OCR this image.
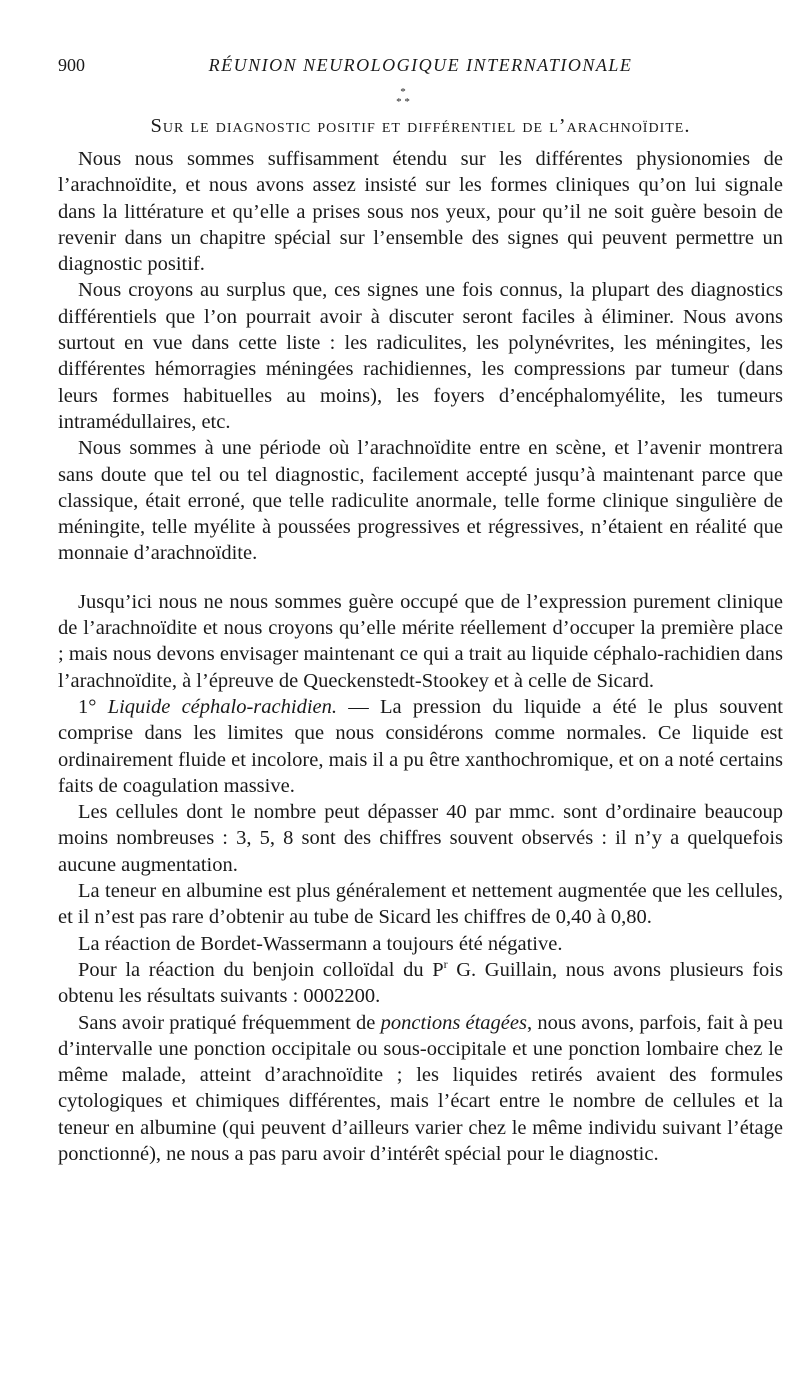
900	RÉUNION NEUROLOGIQUE INTERNATIONALE
*
* *
Sur le diagnostic positif et différentiel de l’arachnoïdite.

Nous nous sommes suffisamment étendu sur les différentes physionomies de l’arachnoïdite, et nous avons assez insisté sur les formes cliniques qu’on lui signale dans la littérature et qu’elle a prises sous nos yeux, pour qu’il ne soit guère besoin de revenir dans un chapitre spécial sur l’ensemble des signes qui peuvent permettre un diagnostic positif.

Nous croyons au surplus que, ces signes une fois connus, la plupart des diagnostics différentiels que l’on pourrait avoir à discuter seront faciles à éliminer. Nous avons surtout en vue dans cette liste : les radiculites, les polynévrites, les méningites, les différentes hémorragies méningées rachidiennes, les compressions par tumeur (dans leurs formes habituelles au moins), les foyers d’encéphalomyélite, les tumeurs intramédullaires, etc.

Nous sommes à une période où l’arachnoïdite entre en scène, et l’avenir montrera sans doute que tel ou tel diagnostic, facilement accepté jusqu’à maintenant parce que classique, était erroné, que telle radiculite anormale, telle forme clinique singulière de méningite, telle myélite à poussées progressives et régressives, n’étaient en réalité que monnaie d’arachnoïdite.

Jusqu’ici nous ne nous sommes guère occupé que de l’expression purement clinique de l’arachnoïdite et nous croyons qu’elle mérite réellement d’occuper la première place ; mais nous devons envisager maintenant ce qui a trait au liquide céphalo-rachidien dans l’arachnoïdite, à l’épreuve de Queckenstedt-Stookey et à celle de Sicard.

1° Liquide céphalo-rachidien. — La pression du liquide a été le plus souvent comprise dans les limites que nous considérons comme normales. Ce liquide est ordinairement fluide et incolore, mais il a pu être xanthochromique, et on a noté certains faits de coagulation massive.

Les cellules dont le nombre peut dépasser 40 par mmc. sont d’ordinaire beaucoup moins nombreuses : 3, 5, 8 sont des chiffres souvent observés : il n’y a quelquefois aucune augmentation.

La teneur en albumine est plus généralement et nettement augmentée que les cellules, et il n’est pas rare d’obtenir au tube de Sicard les chiffres de 0,40 à 0,80.

La réaction de Bordet-Wassermann a toujours été négative.

Pour la réaction du benjoin colloïdal du $P^r$ G. Guillain, nous avons plusieurs fois obtenu les résultats suivants : 0002200.

Sans avoir pratiqué fréquemment de ponctions étagées, nous avons, parfois, fait à peu d’intervalle une ponction occipitale ou sous-occipitale et une ponction lombaire chez le même malade, atteint d’arachnoïdite ; les liquides retirés avaient des formules cytologiques et chimiques différentes, mais l’écart entre le nombre de cellules et la teneur en albumine (qui peuvent d’ailleurs varier chez le même individu suivant l’étage ponctionné), ne nous a pas paru avoir d’intérêt spécial pour le diagnostic.
